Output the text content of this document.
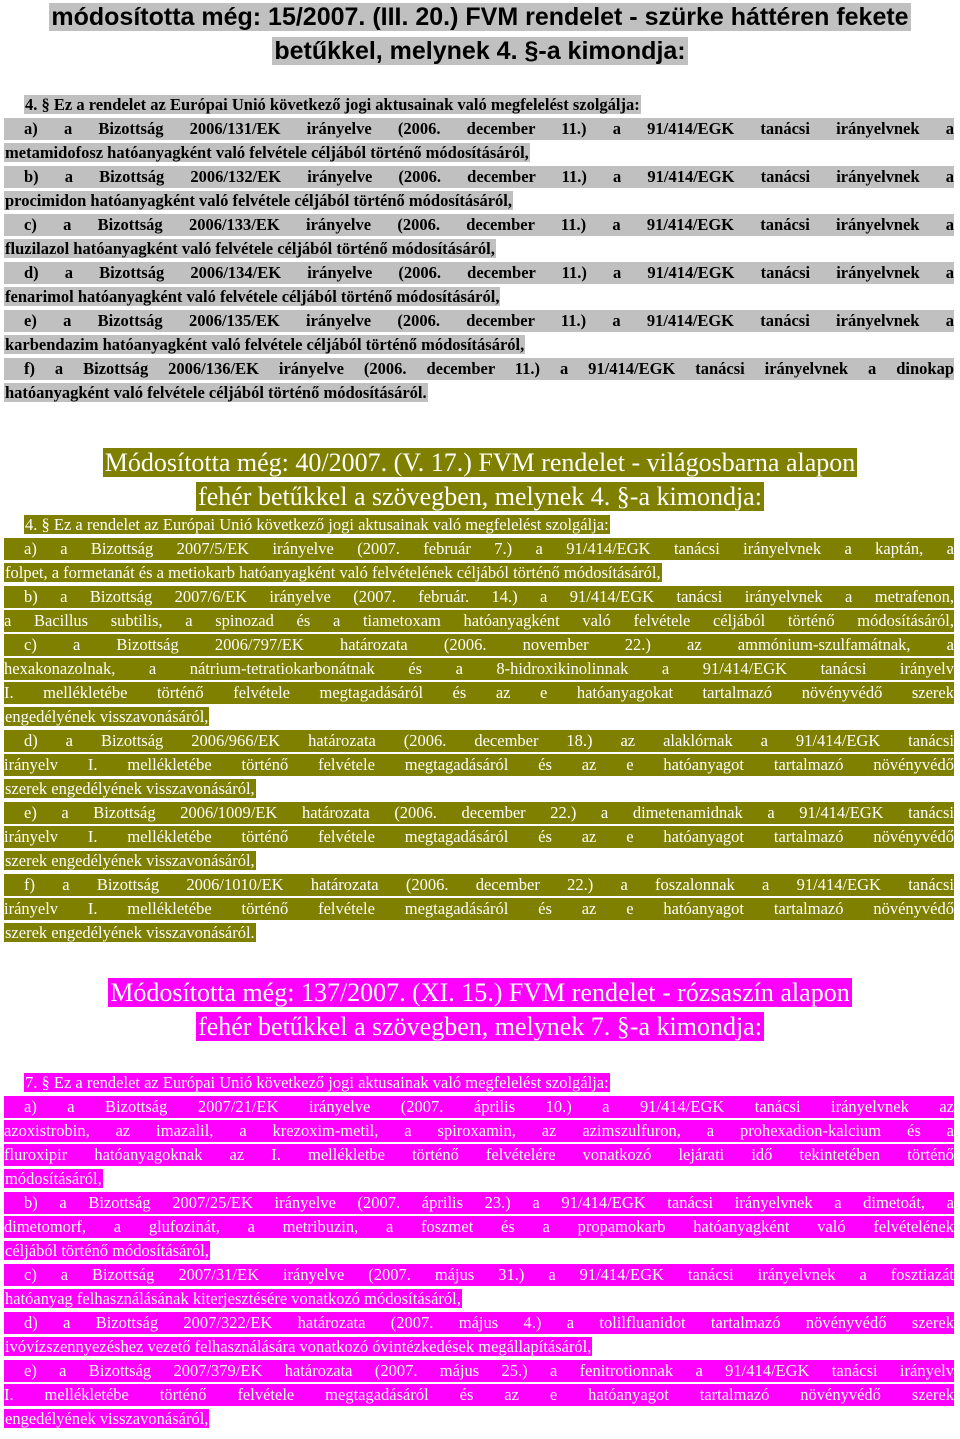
módosította még: 15/2007. (III. 20.) FVM rendelet - szürke háttéren fekete
betűkkel, melynek 4. §-a kimondja:
4. § Ez a rendelet az Európai Unió következő jogi aktusainak való megfelelést szolgálja:
a) a Bizottság 2006/131/EK irányelve (2006. december 11.) a 91/414/EGK tanácsi irányelvnek a
metamidofosz hatóanyagként való felvétele céljából történő módosításáról,
b) a Bizottság 2006/132/EK irányelve (2006. december 11.) a 91/414/EGK tanácsi irányelvnek a
procimidon hatóanyagként való felvétele céljából történő módosításáról,
c) a Bizottság 2006/133/EK irányelve (2006. december 11.) a 91/414/EGK tanácsi irányelvnek a
fluzilazol hatóanyagként való felvétele céljából történő módosításáról,
d) a Bizottság 2006/134/EK irányelve (2006. december 11.) a 91/414/EGK tanácsi irányelvnek a
fenarimol hatóanyagként való felvétele céljából történő módosításáról,
e) a Bizottság 2006/135/EK irányelve (2006. december 11.) a 91/414/EGK tanácsi irányelvnek a
karbendazim hatóanyagként való felvétele céljából történő módosításáról,
f) a Bizottság 2006/136/EK irányelve (2006. december 11.) a 91/414/EGK tanácsi irányelvnek a dinokap
hatóanyagként való felvétele céljából történő módosításáról.
Módosította még: 40/2007. (V. 17.) FVM rendelet - világosbarna alapon
fehér betűkkel a szövegben, melynek 4. §-a kimondja:
4. § Ez a rendelet az Európai Unió következő jogi aktusainak való megfelelést szolgálja:
a) a Bizottság 2007/5/EK irányelve (2007. február 7.) a 91/414/EGK tanácsi irányelvnek a kaptán, a
folpet, a formetanát és a metiokarb hatóanyagként való felvételének céljából történő módosításáról,
b) a Bizottság 2007/6/EK irányelve (2007. február. 14.) a 91/414/EGK tanácsi irányelvnek a metrafenon,
a Bacillus subtilis, a spinozad és a tiametoxam hatóanyagként való felvétele céljából történő módosításáról,
c) a Bizottság 2006/797/EK határozata (2006. november 22.) az ammónium-szulfamátnak, a
hexakonazolnak, a nátrium-tetratiokarbonátnak és a 8-hidroxikinolinnak a 91/414/EGK tanácsi irányelv
I. mellékletébe történő felvétele megtagadásáról és az e hatóanyagokat tartalmazó növényvédő szerek
engedélyének visszavonásáról,
d) a Bizottság 2006/966/EK határozata (2006. december 18.) az alaklórnak a 91/414/EGK tanácsi
irányelv I. mellékletébe történő felvétele megtagadásáról és az e hatóanyagot tartalmazó növényvédő
szerek engedélyének visszavonásáról,
e) a Bizottság 2006/1009/EK határozata (2006. december 22.) a dimetenamidnak a 91/414/EGK tanácsi
irányelv I. mellékletébe történő felvétele megtagadásáról és az e hatóanyagot tartalmazó növényvédő
szerek engedélyének visszavonásáról,
f) a Bizottság 2006/1010/EK határozata (2006. december 22.) a foszalonnak a 91/414/EGK tanácsi
irányelv I. mellékletébe történő felvétele megtagadásáról és az e hatóanyagot tartalmazó növényvédő
szerek engedélyének visszavonásáról.
Módosította még: 137/2007. (XI. 15.) FVM rendelet - rózsaszín alapon
fehér betűkkel a szövegben, melynek 7. §-a kimondja:
7. § Ez a rendelet az Európai Unió következő jogi aktusainak való megfelelést szolgálja:
a) a Bizottság 2007/21/EK irányelve (2007. április 10.) a 91/414/EGK tanácsi irányelvnek az
azoxistrobin, az imazalil, a krezoxim-metil, a spiroxamin, az azimszulfuron, a prohexadion-kalcium és a
fluroxipir hatóanyagoknak az I. mellékletbe történő felvételére vonatkozó lejárati idő tekintetében történő
módosításáról,
b) a Bizottság 2007/25/EK irányelve (2007. április 23.) a 91/414/EGK tanácsi irányelvnek a dimetoát, a
dimetomorf, a glufozinát, a metribuzin, a foszmet és a propamokarb hatóanyagként való felvételének
céljából történő módosításáról,
c) a Bizottság 2007/31/EK irányelve (2007. május 31.) a 91/414/EGK tanácsi irányelvnek a fosztiazát
hatóanyag felhasználásának kiterjesztésére vonatkozó módosításáról,
d) a Bizottság 2007/322/EK határozata (2007. május 4.) a tolilfluanidot tartalmazó növényvédő szerek
ivóvízszennyezéshez vezető felhasználására vonatkozó óvintézkedések megállapításáról,
e) a Bizottság 2007/379/EK határozata (2007. május 25.) a fenitrotionnak a 91/414/EGK tanácsi irányelv
I. mellékletébe történő felvétele megtagadásáról és az e hatóanyagot tartalmazó növényvédő szerek
engedélyének visszavonásáról,
